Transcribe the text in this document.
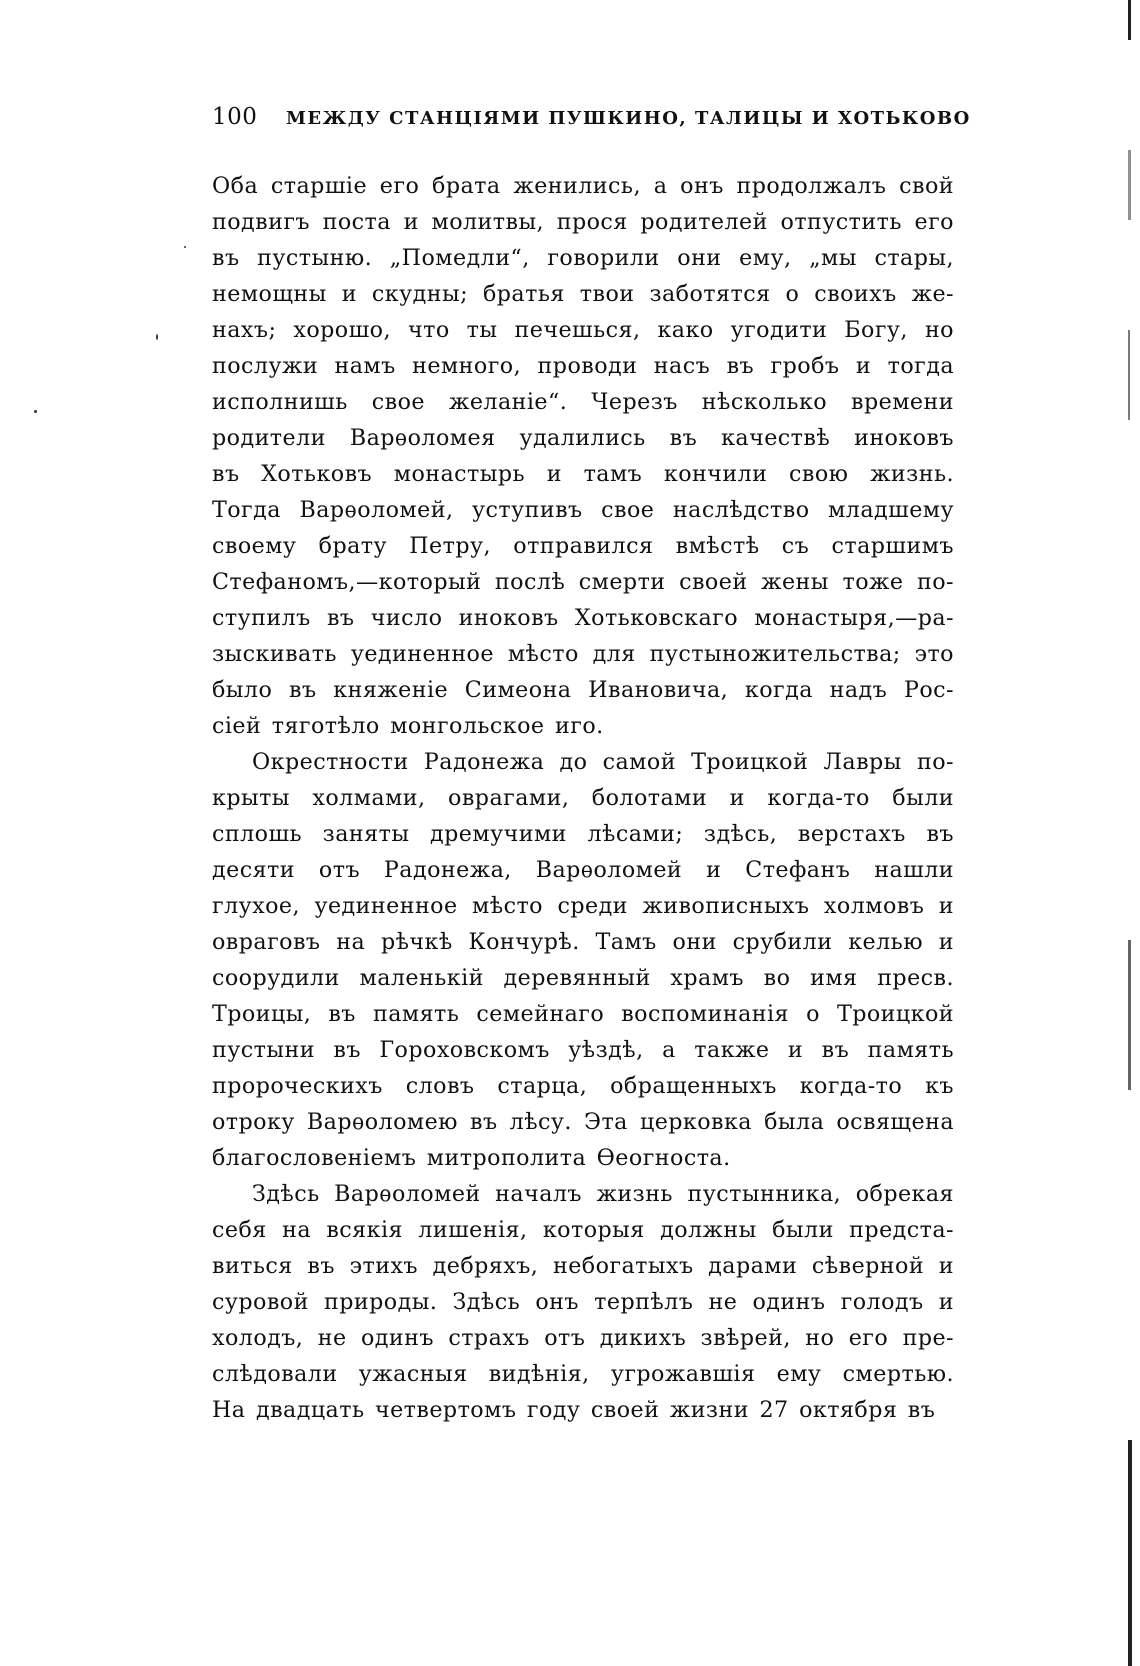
100 МЕЖДУ СТАНЦІЯМИ ПУШКИНО, ТАЛИЦЫ И ХОТЬКОВО
Оба старшіе его брата женились, а онъ продолжалъ свой
подвигъ поста и молитвы, прося родителей отпустить его
въ пустыню. „Помедли“, говорили они ему, „мы стары,
немощны и скудны; братья твои заботятся о своихъ же-
нахъ; хорошо, что ты печешься, како угодити Богу, но
послужи намъ немного, проводи насъ въ гробъ и тогда
исполнишь свое желаніе“. Черезъ нѣсколько времени
родители Варѳоломея удалились въ качествѣ иноковъ
въ Хотьковъ монастырь и тамъ кончили свою жизнь.
Тогда Варѳоломей, уступивъ свое наслѣдство младшему
своему брату Петру, отправился вмѣстѣ съ старшимъ
Стефаномъ,—который послѣ смерти своей жены тоже по-
ступилъ въ число иноковъ Хотьковскаго монастыря,—ра-
зыскивать уединенное мѣсто для пустыножительства; это
было въ княженіе Симеона Ивановича, когда надъ Рос-
сіей тяготѣло монгольское иго.
Окрестности Радонежа до самой Троицкой Лавры по-
крыты холмами, оврагами, болотами и когда-то были
сплошь заняты дремучими лѣсами; здѣсь, верстахъ въ
десяти отъ Радонежа, Варѳоломей и Стефанъ нашли
глухое, уединенное мѣсто среди живописныхъ холмовъ и
овраговъ на рѣчкѣ Кончурѣ. Тамъ они срубили келью и
соорудили маленькій деревянный храмъ во имя пресв.
Троицы, въ память семейнаго воспоминанія о Троицкой
пустыни въ Гороховскомъ уѣздѣ, а также и въ память
пророческихъ словъ старца, обращенныхъ когда-то къ
отроку Варѳоломею въ лѣсу. Эта церковка была освящена
благословеніемъ митрополита Ѳеогноста.
Здѣсь Варѳоломей началъ жизнь пустынника, обрекая
себя на всякія лишенія, которыя должны были предста-
виться въ этихъ дебряхъ, небогатыхъ дарами сѣверной и
суровой природы. Здѣсь онъ терпѣлъ не одинъ голодъ и
холодъ, не одинъ страхъ отъ дикихъ звѣрей, но его пре-
слѣдовали ужасныя видѣнія, угрожавшія ему смертью.
На двадцать четвертомъ году своей жизни 27 октября въ
